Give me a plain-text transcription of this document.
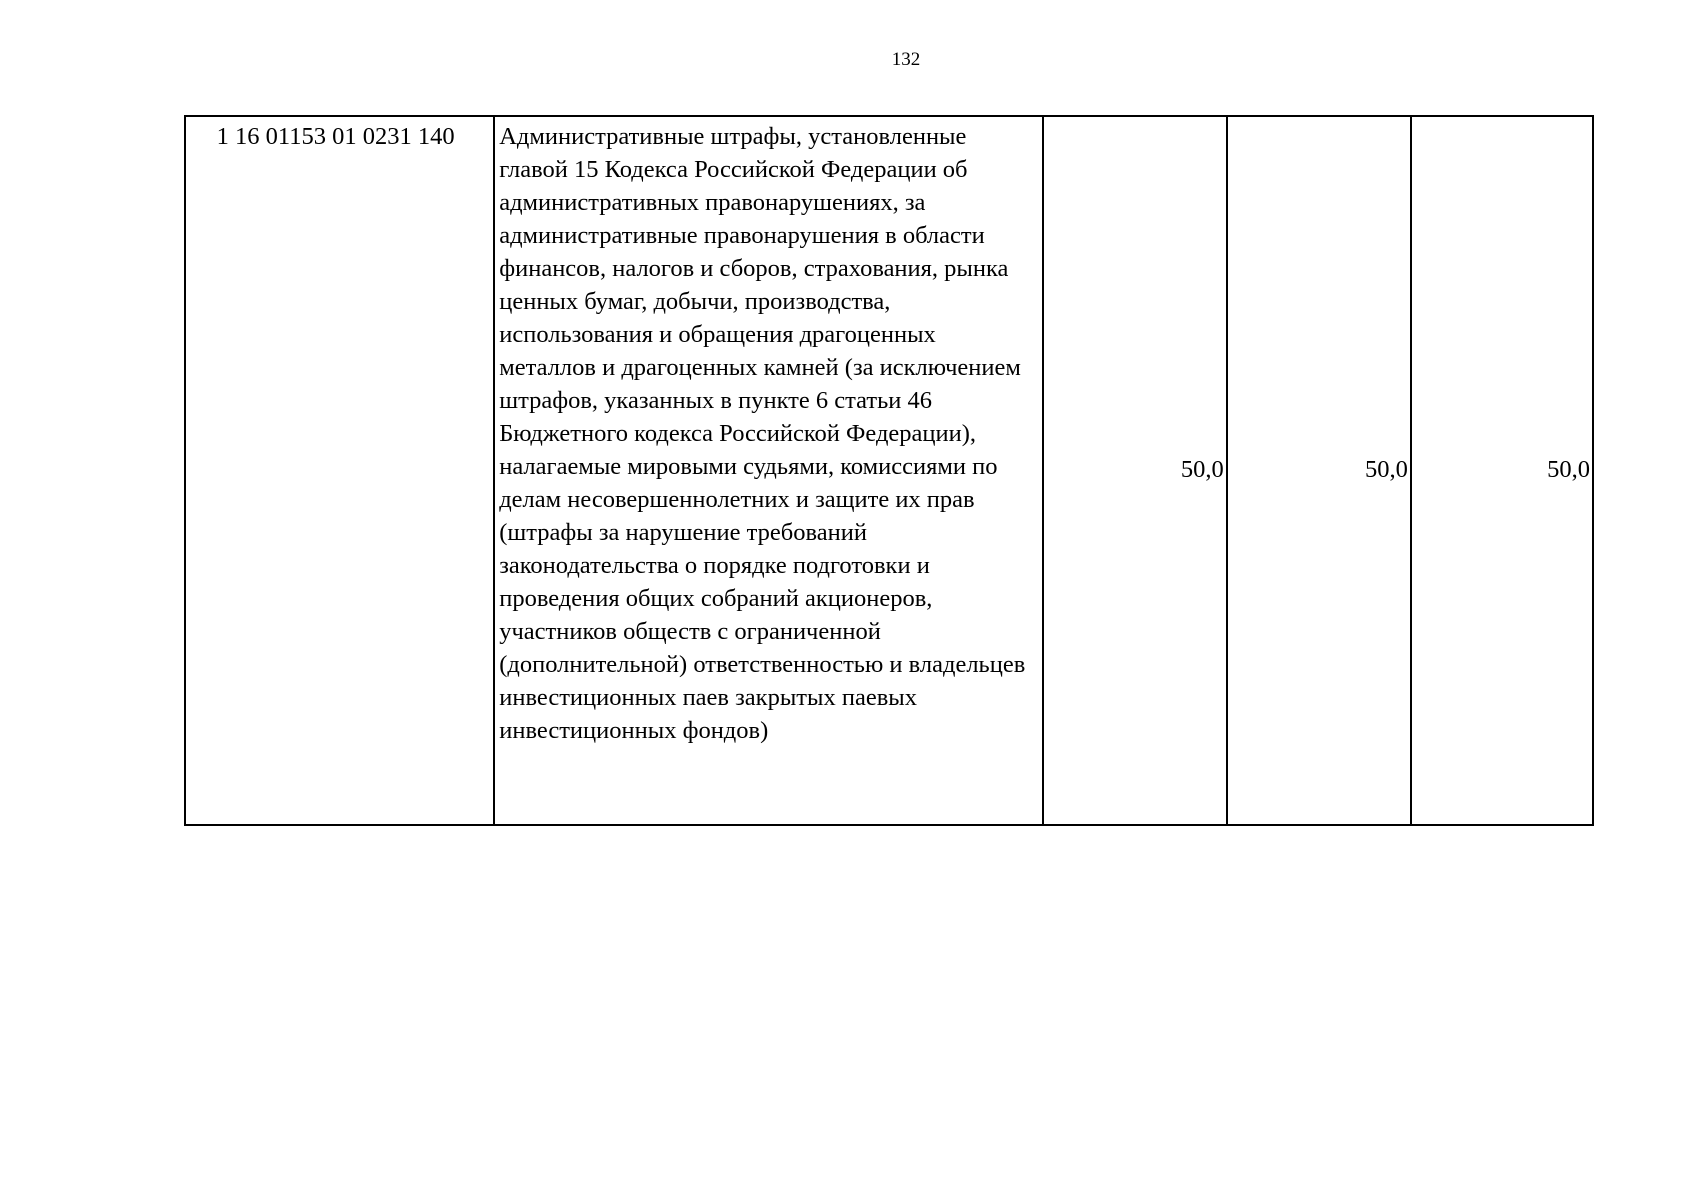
132
1 16 01153 01 0231 140	Административные штрафы, установленные главой 15 Кодекса Российской Федерации об административных правонарушениях, за административные правонарушения в области финансов, налогов и сборов, страхования, рынка ценных бумаг, добычи, производства, использования и обращения драгоценных металлов и драгоценных камней (за исключением штрафов, указанных в пункте 6 статьи 46 Бюджетного кодекса Российской Федерации), налагаемые мировыми судьями, комиссиями по делам несовершеннолетних и защите их прав (штрафы за нарушение требований законодательства о порядке подготовки и проведения общих собраний акционеров, участников обществ с ограниченной (дополнительной) ответственностью и владельцев инвестиционных паев закрытых паевых инвестиционных фондов)	50,0	50,0	50,0
